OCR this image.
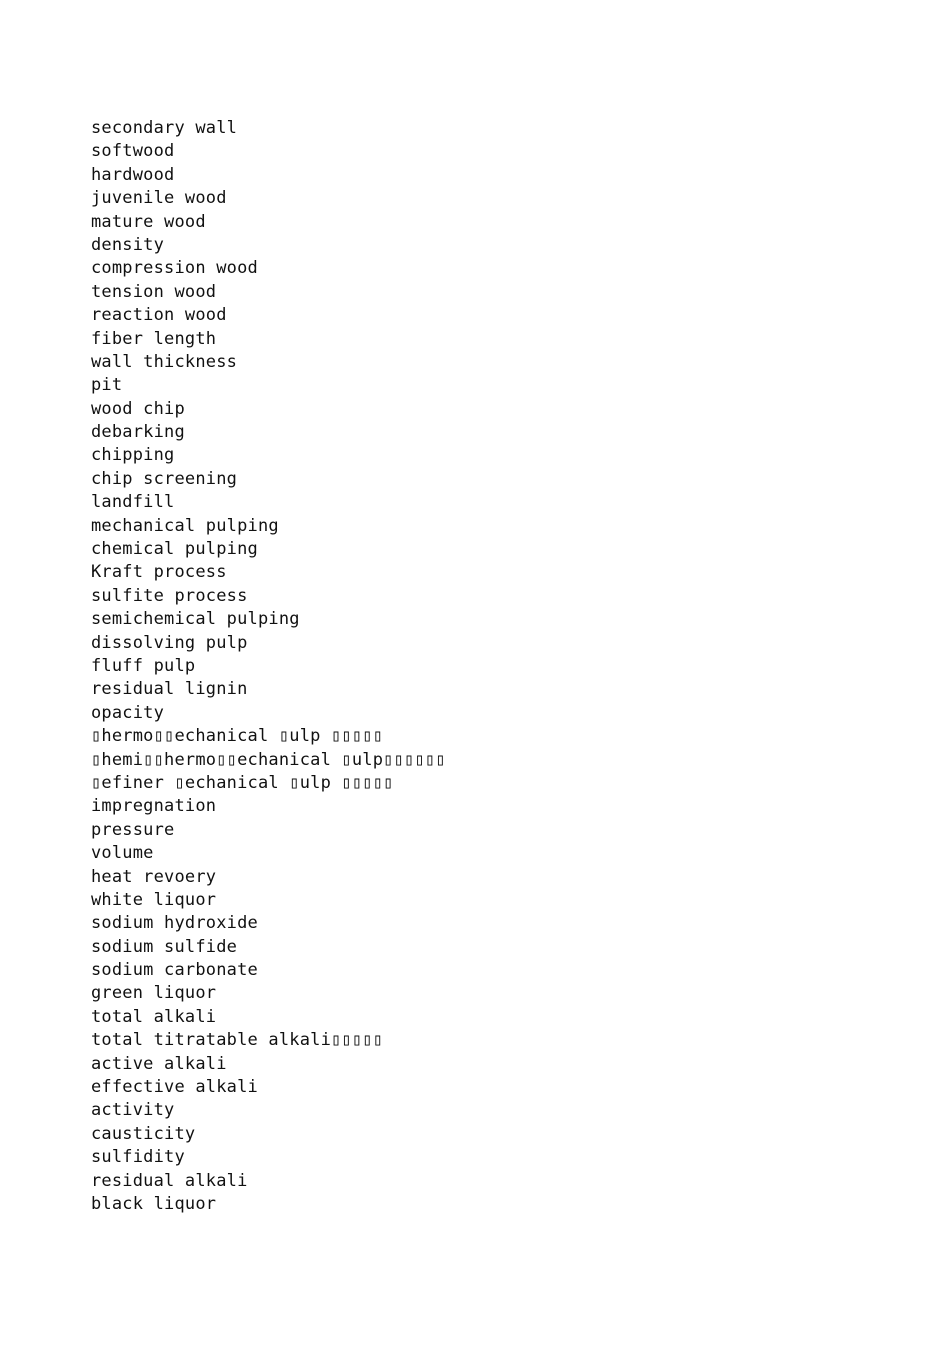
secondary wall
softwood
hardwood
juvenile wood
mature wood
density
compression wood
tension wood
reaction wood
fiber length
wall thickness
pit
wood chip
debarking
chipping
chip screening
landfill
mechanical pulping
chemical pulping
Kraft process
sulfite process
semichemical pulping
dissolving pulp
fluff pulp
residual lignin
opacity
▯hermo▯▯echanical ▯ulp ▯▯▯▯▯
▯hemi▯▯hermo▯▯echanical ▯ulp▯▯▯▯▯▯
▯efiner ▯echanical ▯ulp ▯▯▯▯▯
impregnation
pressure
volume
heat revoery
white liquor
sodium hydroxide
sodium sulfide
sodium carbonate
green liquor
total alkali
total titratable alkali▯▯▯▯▯
active alkali
effective alkali
activity
causticity
sulfidity
residual alkali
black liquor
